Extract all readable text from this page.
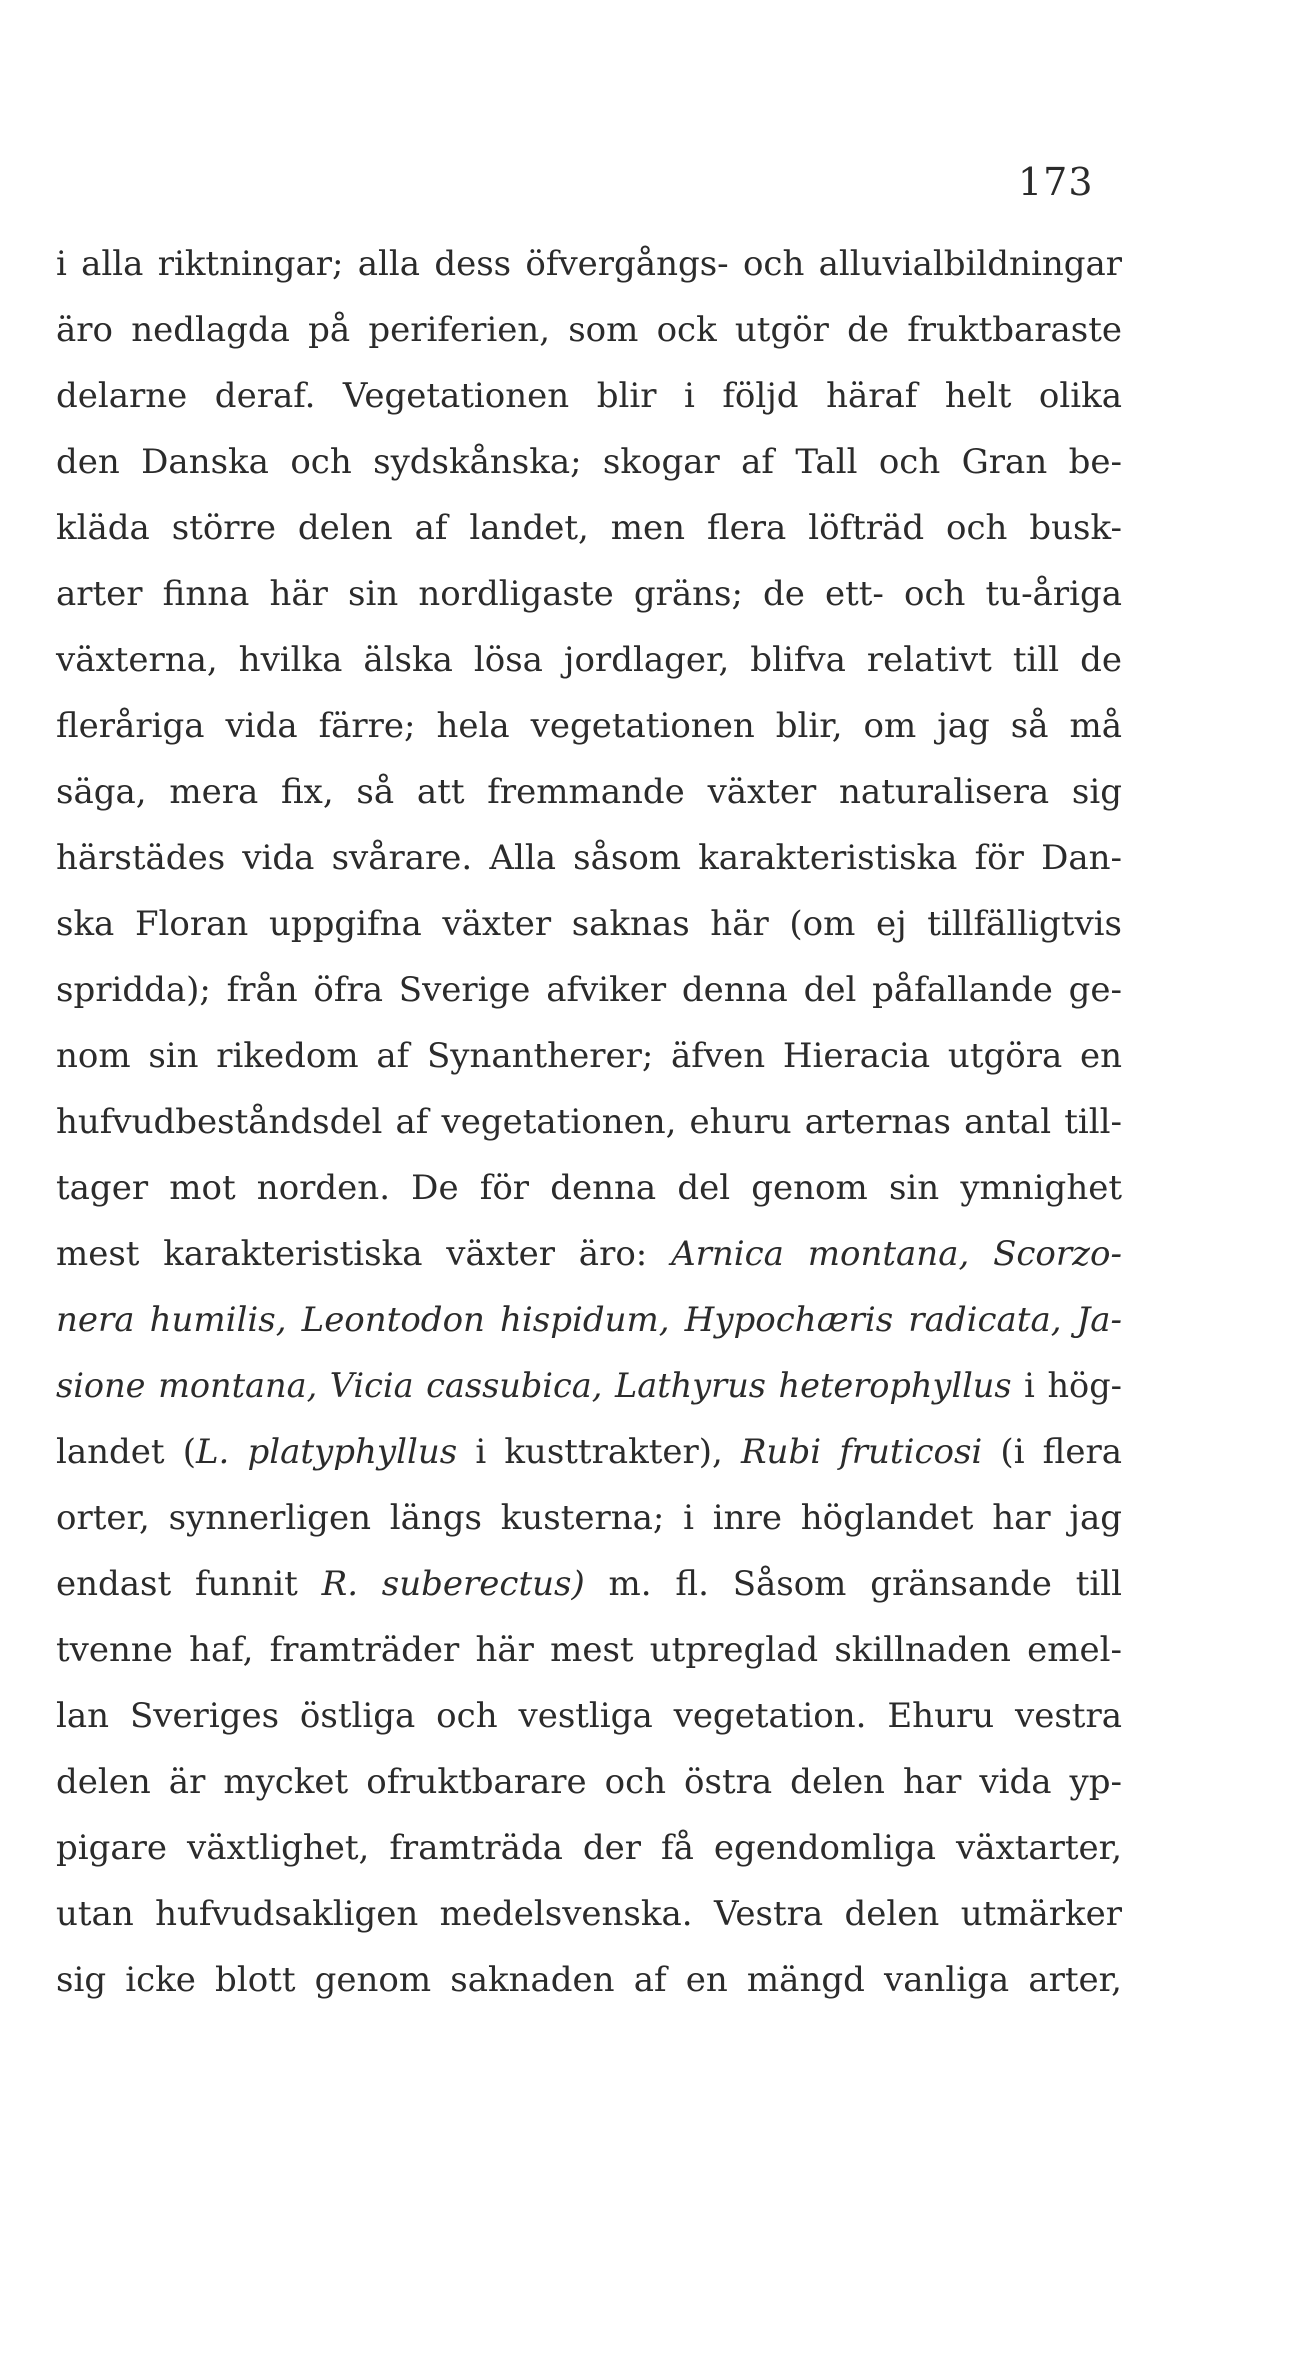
173
i alla riktningar; alla dess öfvergångs- och alluvialbildningar
äro nedlagda på periferien, som ock utgör de fruktbaraste
delarne deraf. Vegetationen blir i följd häraf helt olika
den Danska och sydskånska; skogar af Tall och Gran be-
kläda större delen af landet, men flera löfträd och busk-
arter finna här sin nordligaste gräns; de ett- och tu-åriga
växterna, hvilka älska lösa jordlager, blifva relativt till de
fleråriga vida färre; hela vegetationen blir, om jag så må
säga, mera fix, så att fremmande växter naturalisera sig
härstädes vida svårare. Alla såsom karakteristiska för Dan-
ska Floran uppgifna växter saknas här (om ej tillfälligtvis
spridda); från öfra Sverige afviker denna del påfallande ge-
nom sin rikedom af Synantherer; äfven Hieracia utgöra en
hufvudbeståndsdel af vegetationen, ehuru arternas antal till-
tager mot norden. De för denna del genom sin ymnighet
mest karakteristiska växter äro: Arnica montana, Scorzo-
nera humilis, Leontodon hispidum, Hypochæris radicata, Ja-
sione montana, Vicia cassubica, Lathyrus heterophyllus i hög-
landet (L. platyphyllus i kusttrakter), Rubi fruticosi (i flera
orter, synnerligen längs kusterna; i inre höglandet har jag
endast funnit R. suberectus) m. fl. Såsom gränsande till
tvenne haf, framträder här mest utpreglad skillnaden emel-
lan Sveriges östliga och vestliga vegetation. Ehuru vestra
delen är mycket ofruktbarare och östra delen har vida yp-
pigare växtlighet, framträda der få egendomliga växtarter,
utan hufvudsakligen medelsvenska. Vestra delen utmärker
sig icke blott genom saknaden af en mängd vanliga arter,
